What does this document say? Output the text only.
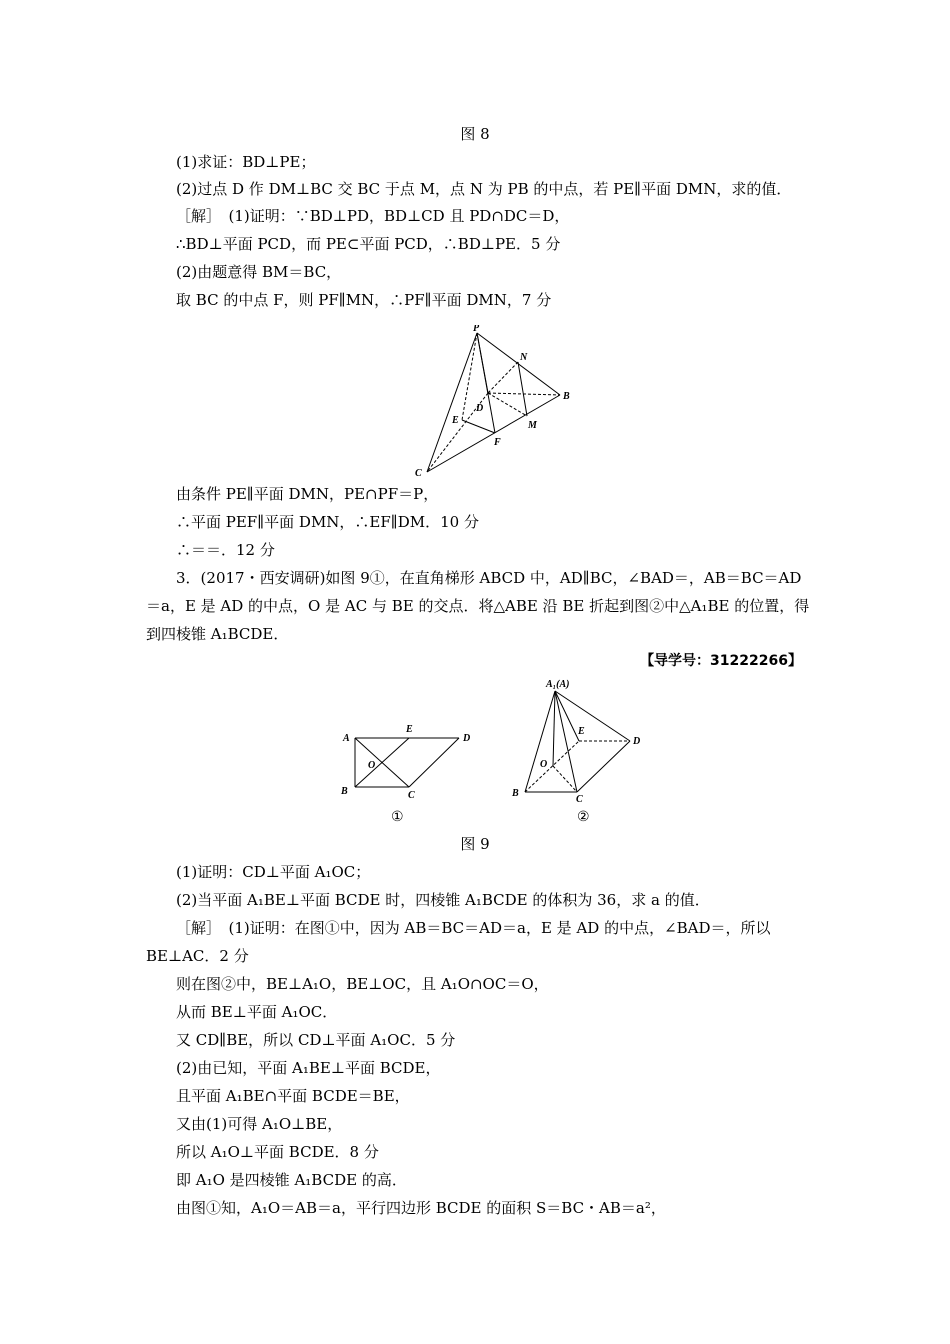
图 8
(1)求证：BD⊥PE；
(2)过点 D 作 DM⊥BC 交 BC 于点 M，点 N 为 PB 的中点，若 PE∥平面 DMN，求的值．
［解］　(1)证明：∵BD⊥PD，BD⊥CD 且 PD∩DC＝D，
∴BD⊥平面 PCD，而 PE⊂平面 PCD，∴BD⊥PE．5 分
(2)由题意得 BM＝BC，
取 BC 的中点 F，则 PF∥MN，∴PF∥平面 DMN，7 分
P
N
B
D
E	M
F
C
由条件 PE∥平面 DMN，PE∩PF＝P，
∴平面 PEF∥平面 DMN，∴EF∥DM．10 分
∴＝＝．12 分
3．(2017・西安调研)如图 9①，在直角梯形 ABCD 中，AD∥BC，∠BAD＝，AB＝BC＝AD
＝a，E 是 AD 的中点，O 是 AC 与 BE 的交点．将△ABE 沿 BE 折起到图②中△A₁BE 的位置，得
到四棱锥 A₁BCDE．
【导学号：31222266】
A
E
D
O
B	C
①
A₁(A)
E
D
O
B
C
②
图 9
(1)证明：CD⊥平面 A₁OC；
(2)当平面 A₁BE⊥平面 BCDE 时，四棱锥 A₁BCDE 的体积为 36，求 a 的值．
［解］　(1)证明：在图①中，因为 AB＝BC＝AD＝a，E 是 AD 的中点，∠BAD＝，所以
BE⊥AC．2 分
则在图②中，BE⊥A₁O，BE⊥OC，且 A₁O∩OC＝O，
从而 BE⊥平面 A₁OC．
又 CD∥BE，所以 CD⊥平面 A₁OC．5 分
(2)由已知，平面 A₁BE⊥平面 BCDE，
且平面 A₁BE∩平面 BCDE＝BE，
又由(1)可得 A₁O⊥BE，
所以 A₁O⊥平面 BCDE．8 分
即 A₁O 是四棱锥 A₁BCDE 的高．
由图①知，A₁O＝AB＝a，平行四边形 BCDE 的面积 S＝BC・AB＝a²，
